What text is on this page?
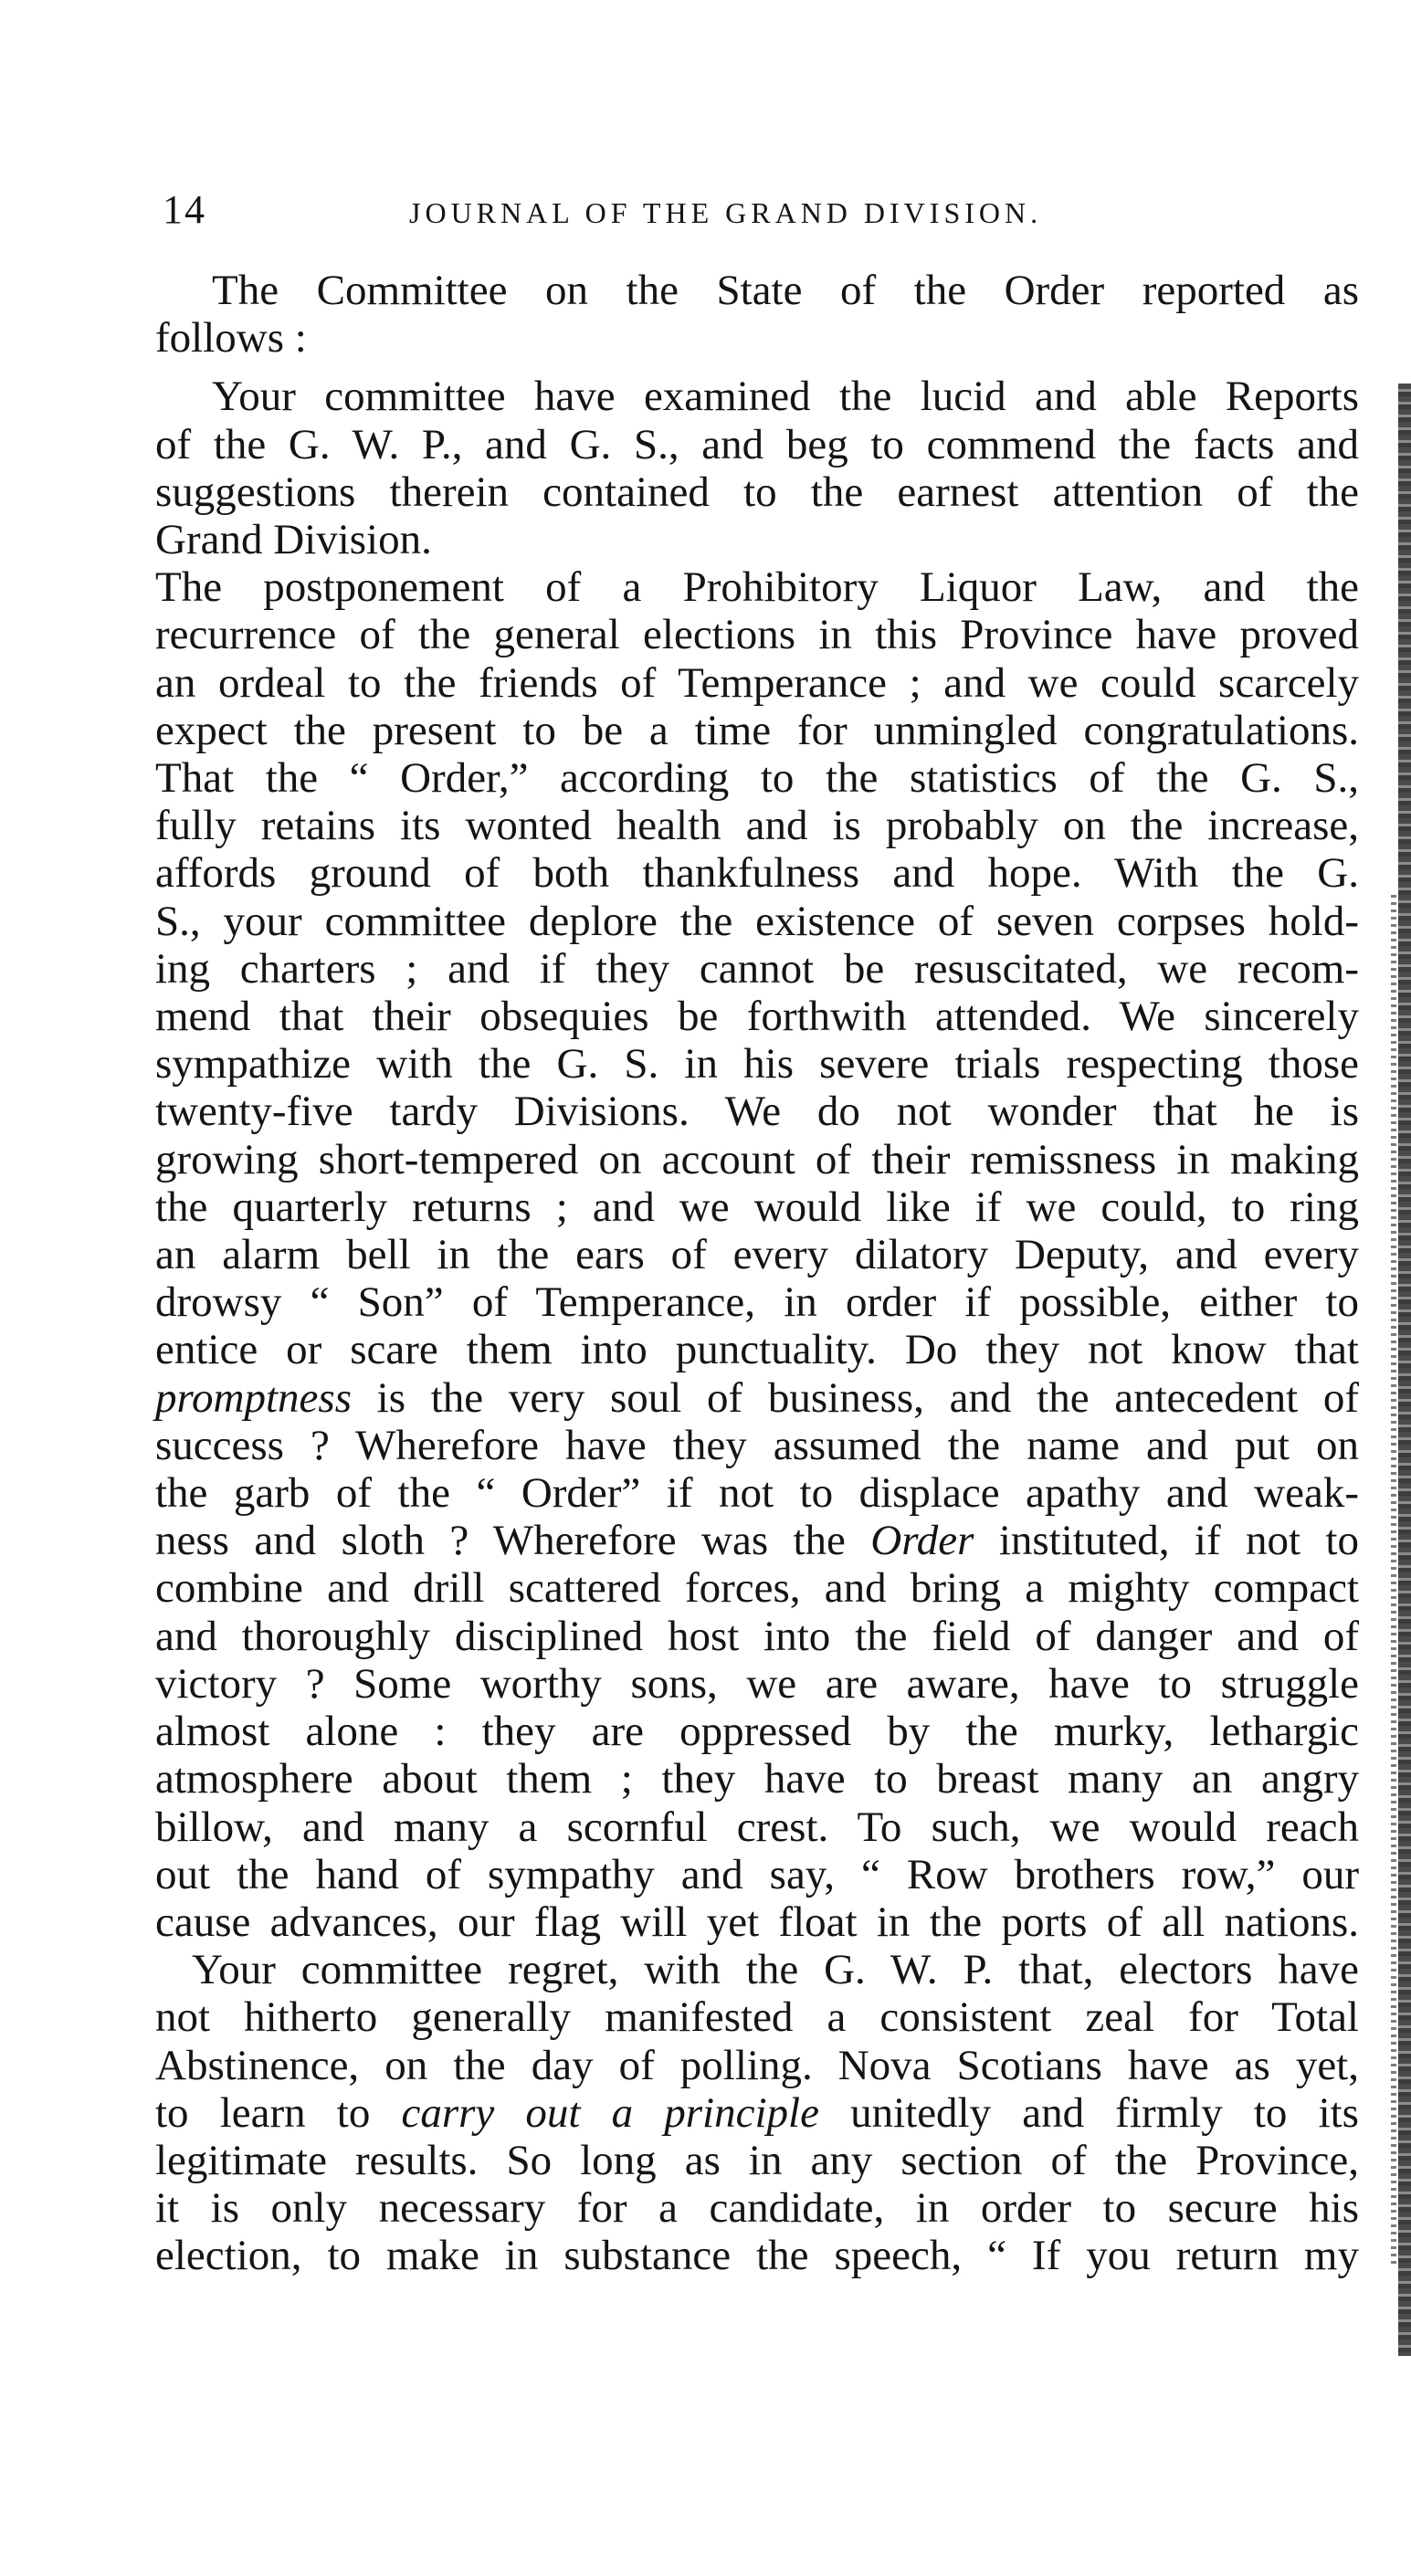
14	JOURNAL OF THE GRAND DIVISION.

The Committee on the State of the Order reported as
follows :

Your committee have examined the lucid and able Reports
of the G. W. P., and G. S., and beg to commend the facts and
suggestions therein contained to the earnest attention of the
Grand Division.

The postponement of a Prohibitory Liquor Law, and the
recurrence of the general elections in this Province have proved
an ordeal to the friends of Temperance ; and we could scarcely
expect the present to be a time for unmingled congratulations.
That the “ Order,” according to the statistics of the G. S.,
fully retains its wonted health and is probably on the increase,
affords ground of both thankfulness and hope. With the G.
S., your committee deplore the existence of seven corpses hold-
ing charters ; and if they cannot be resuscitated, we recom-
mend that their obsequies be forthwith attended. We sincerely
sympathize with the G. S. in his severe trials respecting those
twenty-five tardy Divisions. We do not wonder that he is
growing short-tempered on account of their remissness in making
the quarterly returns ; and we would like if we could, to ring
an alarm bell in the ears of every dilatory Deputy, and every
drowsy “ Son” of Temperance, in order if possible, either to
entice or scare them into punctuality. Do they not know that
promptness is the very soul of business, and the antecedent of
success ? Wherefore have they assumed the name and put on
the garb of the “ Order” if not to displace apathy and weak-
ness and sloth ? Wherefore was the Order instituted, if not to
combine and drill scattered forces, and bring a mighty compact
and thoroughly disciplined host into the field of danger and of
victory ? Some worthy sons, we are aware, have to struggle
almost alone : they are oppressed by the murky, lethargic
atmosphere about them ; they have to breast many an angry
billow, and many a scornful crest. To such, we would reach
out the hand of sympathy and say, “ Row brothers row,” our
cause advances, our flag will yet float in the ports of all nations.

Your committee regret, with the G. W. P. that, electors have
not hitherto generally manifested a consistent zeal for Total
Abstinence, on the day of polling. Nova Scotians have as yet,
to learn to carry out a principle unitedly and firmly to its
legitimate results. So long as in any section of the Province,
it is only necessary for a candidate, in order to secure his
election, to make in substance the speech, “ If you return my
